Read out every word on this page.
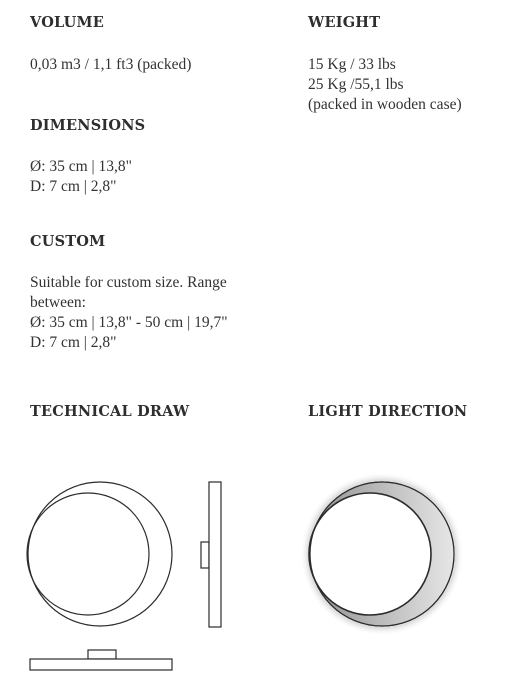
VOLUME
0,03 m3 / 1,1 ft3 (packed)
WEIGHT
15 Kg / 33 lbs
25 Kg /55,1 lbs
(packed in wooden case)
DIMENSIONS
Ø: 35 cm | 13,8"
D: 7 cm | 2,8"
CUSTOM
Suitable for custom size. Range
between:
Ø: 35 cm | 13,8" - 50 cm | 19,7"
D: 7 cm | 2,8"
TECHNICAL DRAW	LIGHT DIRECTION
